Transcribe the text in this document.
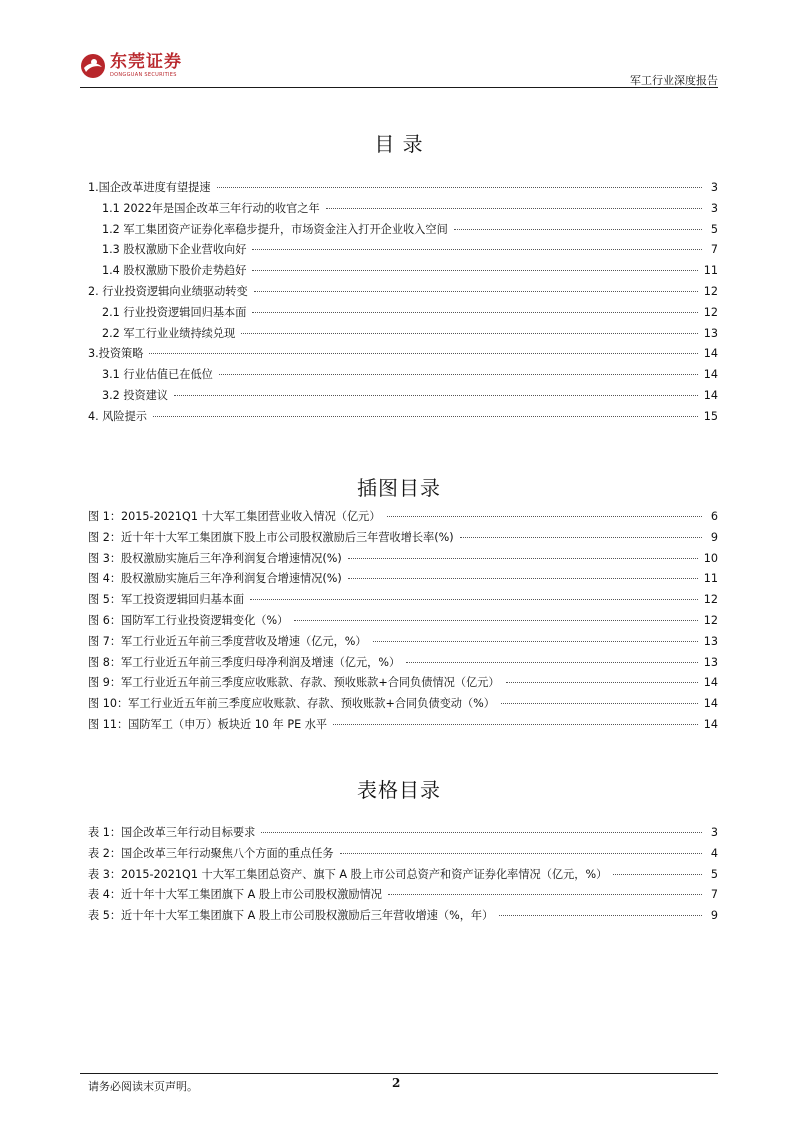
东莞证券
DONGGUAN SECURITIES	军工行业深度报告
目 录
1.国企改革进度有望提速	3
1.1 2022年是国企改革三年行动的收官之年	3
1.2 军工集团资产证券化率稳步提升，市场资金注入打开企业收入空间	5
1.3 股权激励下企业营收向好	7
1.4 股权激励下股价走势趋好	11
2. 行业投资逻辑向业绩驱动转变	12
2.1 行业投资逻辑回归基本面	12
2.2 军工行业业绩持续兑现	13
3.投资策略	14
3.1 行业估值已在低位	14
3.2 投资建议	14
4. 风险提示	15
插图目录
图 1：2015-2021Q1 十大军工集团营业收入情况（亿元）	6
图 2：近十年十大军工集团旗下股上市公司股权激励后三年营收增长率(%)	9
图 3：股权激励实施后三年净利润复合增速情况(%)	10
图 4：股权激励实施后三年净利润复合增速情况(%)	11
图 5：军工投资逻辑回归基本面	12
图 6：国防军工行业投资逻辑变化（%）	12
图 7：军工行业近五年前三季度营收及增速（亿元，%）	13
图 8：军工行业近五年前三季度归母净利润及增速（亿元，%）	13
图 9：军工行业近五年前三季度应收账款、存款、预收账款+合同负债情况（亿元）	14
图 10：军工行业近五年前三季度应收账款、存款、预收账款+合同负债变动（%）	14
图 11：国防军工（申万）板块近 10 年 PE 水平	14
表格目录
表 1：国企改革三年行动目标要求	3
表 2：国企改革三年行动聚焦八个方面的重点任务	4
表 3：2015-2021Q1 十大军工集团总资产、旗下 A 股上市公司总资产和资产证券化率情况（亿元，%）	5
表 4：近十年十大军工集团旗下 A 股上市公司股权激励情况	7
表 5：近十年十大军工集团旗下 A 股上市公司股权激励后三年营收增速（%，年）	9
请务必阅读末页声明。	2
